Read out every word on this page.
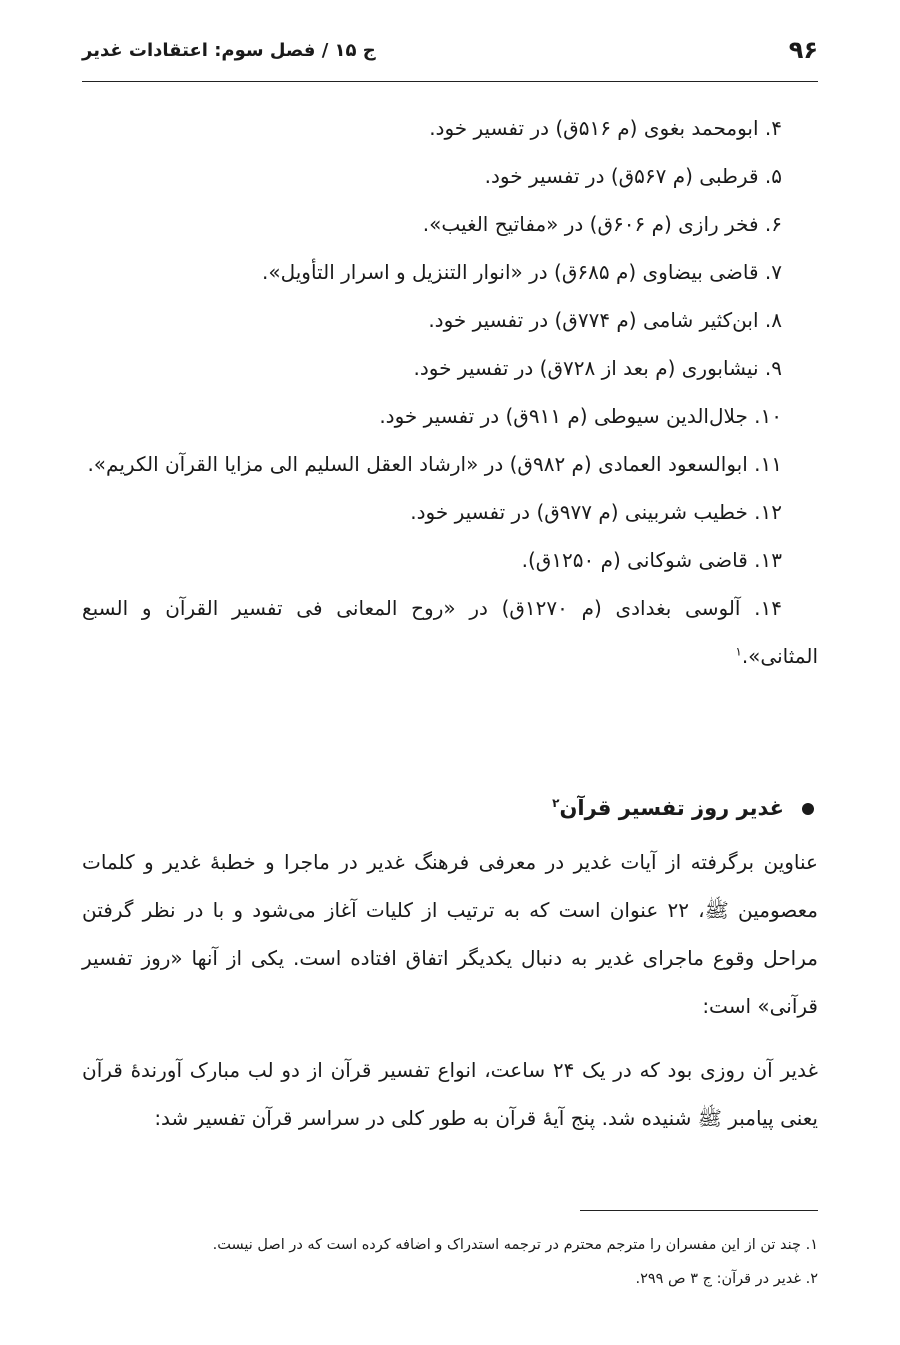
۹۶
ج ۱۵ / فصل سوم: اعتقادات غدیر
۴. ابومحمد بغوی (م ۵۱۶ق) در تفسیر خود.
۵. قرطبی (م ۵۶۷ق) در تفسیر خود.
۶. فخر رازی (م ۶۰۶ق) در «مفاتیح الغیب».
۷. قاضی بیضاوی (م ۶۸۵ق) در «انوار التنزیل و اسرار التأویل».
۸. ابن‌کثیر شامی (م ۷۷۴ق) در تفسیر خود.
۹. نیشابوری (م بعد از ۷۲۸ق) در تفسیر خود.
۱۰. جلال‌الدین سیوطی (م ۹۱۱ق) در تفسیر خود.
۱۱. ابوالسعود العمادی (م ۹۸۲ق) در «ارشاد العقل السلیم الی مزایا القرآن الکریم».
۱۲. خطیب شربینی (م ۹۷۷ق) در تفسیر خود.
۱۳. قاضی شوکانی (م ۱۲۵۰ق).
۱۴. آلوسی بغدادی (م ۱۲۷۰ق) در «روح المعانی فی تفسیر القرآن و السبع المثانی».$^۱$
غدیر روز تفسیر قرآن$^۲$

عناوین برگرفته از آیات غدیر در معرفی فرهنگ غدیر در ماجرا و خطبهٔ غدیر و کلمات معصومین ﷺ، ۲۲ عنوان است که به ترتیب از کلیات آغاز می‌شود و با در نظر گرفتن مراحل وقوع ماجرای غدیر به دنبال یکدیگر اتفاق افتاده است. یکی از آنها «روز تفسیر قرآنی» است:

غدیر آن روزی بود که در یک ۲۴ ساعت، انواع تفسیر قرآن از دو لب مبارک آورندهٔ قرآن یعنی پیامبر ﷺ شنیده شد. پنج آیهٔ قرآن به طور کلی در سراسر قرآن تفسیر شد:

۱. چند تن از این مفسران را مترجم محترم در ترجمه استدراک و اضافه کرده است که در اصل نیست.
۲. غدیر در قرآن: ج ۳ ص ۲۹۹.
